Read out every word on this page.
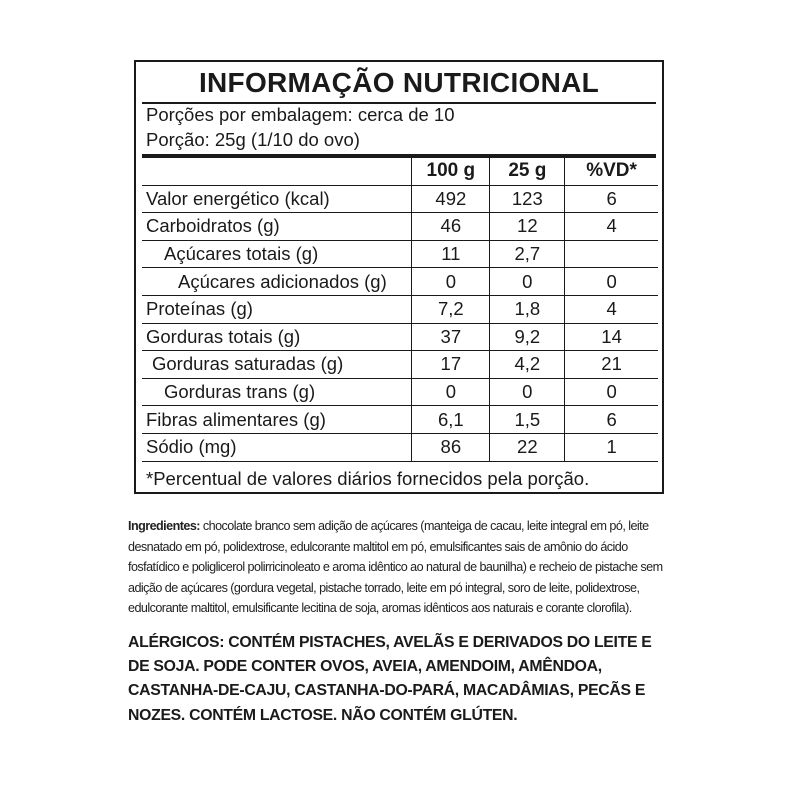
INFORMAÇÃO NUTRICIONAL
Porções por embalagem: cerca de 10
Porção: 25g (1/10 do ovo)
	100 g	25 g	%VD*
Valor energético (kcal)	492	123	6
Carboidratos (g)	46	12	4
Açúcares totais (g)	11	2,7	
Açúcares adicionados (g)	0	0	0
Proteínas (g)	7,2	1,8	4
Gorduras totais (g)	37	9,2	14
Gorduras saturadas (g)	17	4,2	21
Gorduras trans (g)	0	0	0
Fibras alimentares (g)	6,1	1,5	6
Sódio (mg)	86	22	1
*Percentual de valores diários fornecidos pela porção.
Ingredientes: chocolate branco sem adição de açúcares (manteiga de cacau, leite integral em pó, leite desnatado em pó, polidextrose, edulcorante maltitol em pó, emulsificantes sais de amônio do ácido fosfatídico e poliglicerol polirricinoleato e aroma idêntico ao natural de baunilha) e recheio de pistache sem adição de açúcares (gordura vegetal, pistache torrado, leite em pó integral, soro de leite, polidextrose, edulcorante maltitol, emulsificante lecitina de soja, aromas idênticos aos naturais e corante clorofila).
ALÉRGICOS: CONTÉM PISTACHES, AVELÃS E DERIVADOS DO LEITE E DE SOJA. PODE CONTER OVOS, AVEIA, AMENDOIM, AMÊNDOA, CASTANHA-DE-CAJU, CASTANHA-DO-PARÁ, MACADÂMIAS, PECÃS E NOZES. CONTÉM LACTOSE. NÃO CONTÉM GLÚTEN.
